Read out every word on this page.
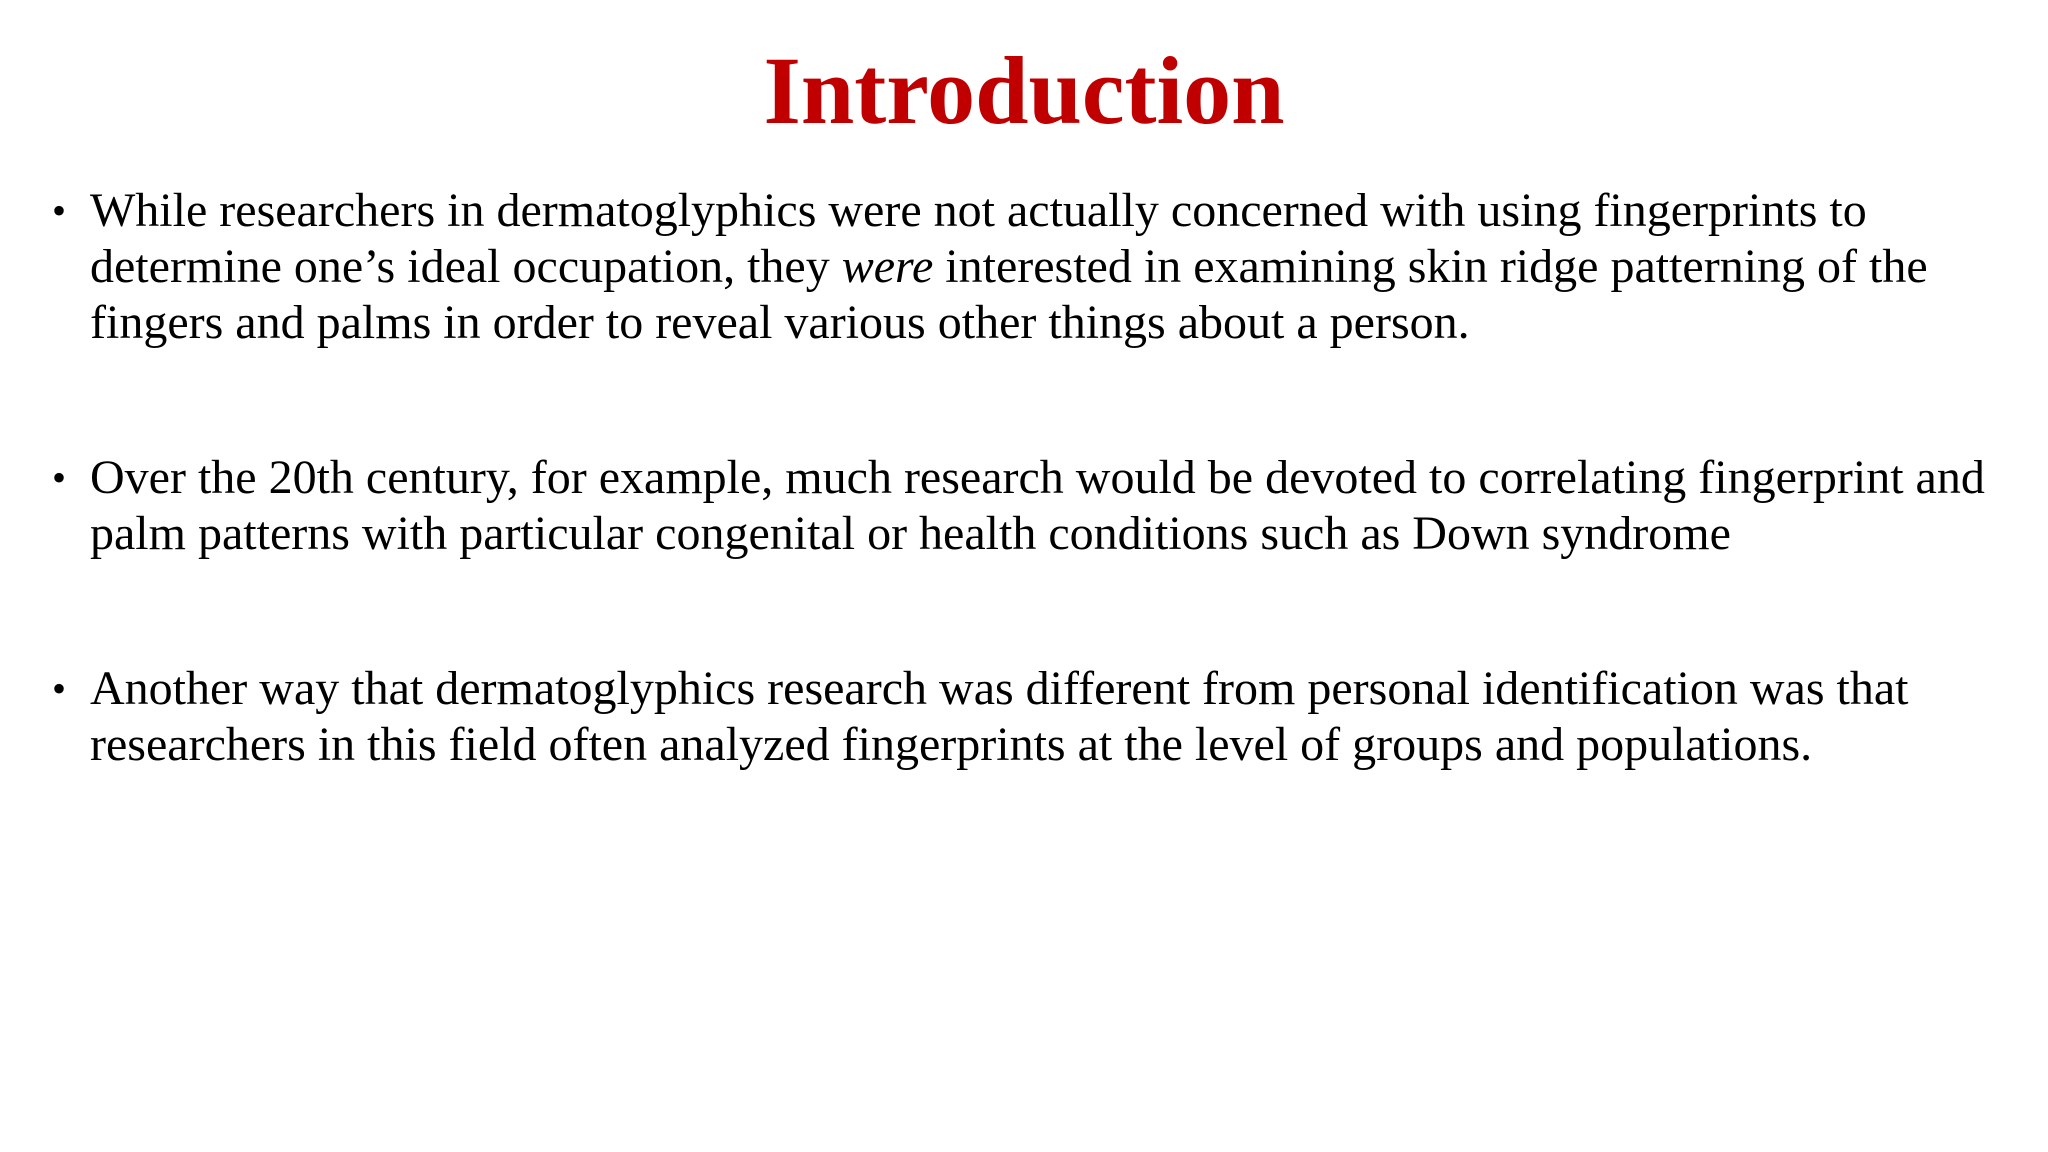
Introduction
• While researchers in dermatoglyphics were not actually concerned with using fingerprints to determine one’s ideal occupation, they were interested in examining skin ridge patterning of the fingers and palms in order to reveal various other things about a person.
• Over the 20th century, for example, much research would be devoted to correlating fingerprint and palm patterns with particular congenital or health conditions such as Down syndrome
• Another way that dermatoglyphics research was different from personal identification was that researchers in this field often analyzed fingerprints at the level of groups and populations.
